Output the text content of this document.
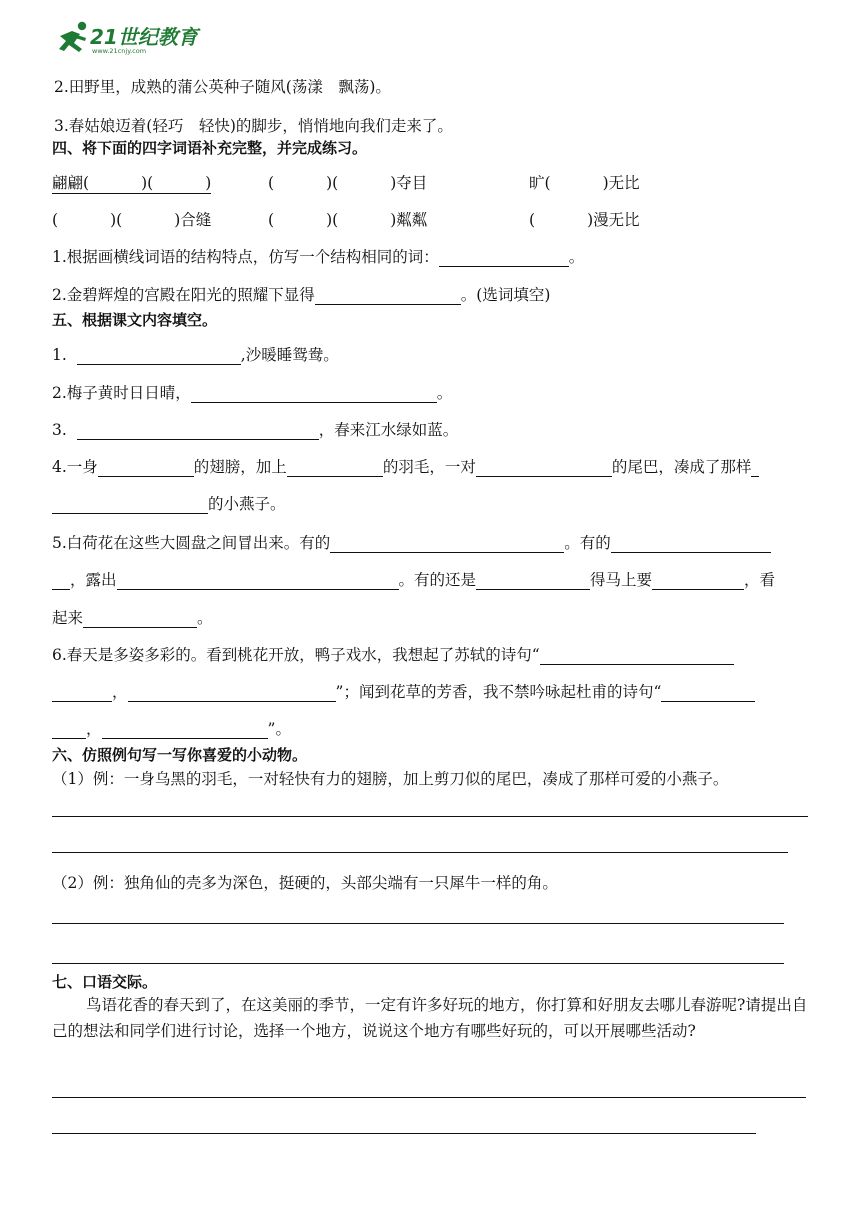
21世纪教育
www.21cnjy.com
2.田野里，成熟的蒲公英种子随风(荡漾　飘荡)。
3.春姑娘迈着(轻巧　轻快)的脚步，悄悄地向我们走来了。
四、将下面的四字词语补充完整，并完成练习。
翩翩(	)(	)	(	)(	)夺目	旷(	)无比
(	)(	)合缝	(	)(	)粼粼	(	)漫无比
1.根据画横线词语的结构特点，仿写一个结构相同的词：	。
2.金碧辉煌的宫殿在阳光的照耀下显得	。(选词填空)
五、根据课文内容填空。
1.	,沙暖睡鸳鸯。
2.梅子黄时日日晴，	。
3.	，春来江水绿如蓝。
4.一身	的翅膀，加上	的羽毛，一对	的尾巴，凑成了那样
的小燕子。
5.白荷花在这些大圆盘之间冒出来。有的	。有的
，露出	。有的还是	得马上要	，看
起来	。
6.春天是多姿多彩的。看到桃花开放，鸭子戏水，我想起了苏轼的诗句“
，	”；闻到花草的芳香，我不禁吟咏起杜甫的诗句“
，	”。
六、仿照例句写一写你喜爱的小动物。
（1）例：一身乌黑的羽毛，一对轻快有力的翅膀，加上剪刀似的尾巴，凑成了那样可爱的小燕子。
（2）例：独角仙的壳多为深色，挺硬的，头部尖端有一只犀牛一样的角。
七、口语交际。
鸟语花香的春天到了，在这美丽的季节，一定有许多好玩的地方，你打算和好朋友去哪儿春游呢?请提出自己的想法和同学们进行讨论，选择一个地方，说说这个地方有哪些好玩的，可以开展哪些活动?
